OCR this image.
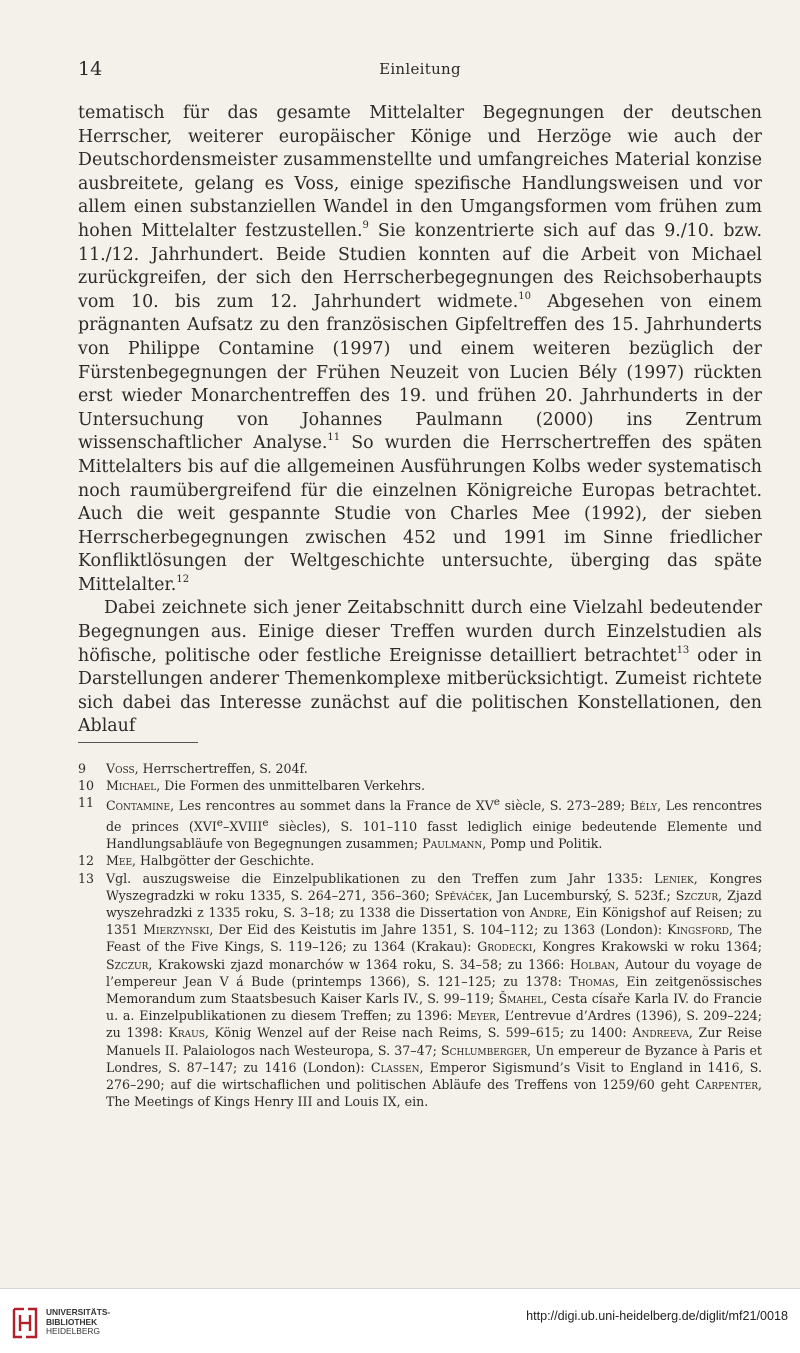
14	Einleitung

tematisch für das gesamte Mittelalter Begegnungen der deutschen Herrscher, weiterer europäischer Könige und Herzöge wie auch der Deutschordensmeister zusammenstellte und umfangreiches Material konzise ausbreitete, gelang es Voss, einige spezifische Handlungsweisen und vor allem einen substanziellen Wandel in den Umgangsformen vom frühen zum hohen Mittelalter festzustellen.$^9$ Sie konzentrierte sich auf das 9./10. bzw. 11./12. Jahrhundert. Beide Studien konnten auf die Arbeit von Michael zurückgreifen, der sich den Herrscherbegegnungen des Reichsoberhaupts vom 10. bis zum 12. Jahrhundert widmete.$^{10}$ Abgesehen von einem prägnanten Aufsatz zu den französischen Gipfeltreffen des 15. Jahrhunderts von Philippe Contamine (1997) und einem weiteren bezüglich der Fürstenbegegnungen der Frühen Neuzeit von Lucien Bély (1997) rückten erst wieder Monarchentreffen des 19. und frühen 20. Jahrhunderts in der Untersuchung von Johannes Paulmann (2000) ins Zentrum wissenschaftlicher Analyse.$^{11}$ So wurden die Herrschertreffen des späten Mittelalters bis auf die allgemeinen Ausführungen Kolbs weder systematisch noch raumübergreifend für die einzelnen Königreiche Europas betrachtet. Auch die weit gespannte Studie von Charles Mee (1992), der sieben Herrscherbegegnungen zwischen 452 und 1991 im Sinne friedlicher Konfliktlösungen der Weltgeschichte untersuchte, überging das späte Mittelalter.$^{12}$

Dabei zeichnete sich jener Zeitabschnitt durch eine Vielzahl bedeutender Begegnungen aus. Einige dieser Treffen wurden durch Einzelstudien als höfische, politische oder festliche Ereignisse detailliert betrachtet$^{13}$ oder in Darstellungen anderer Themenkomplexe mitberücksichtigt. Zumeist richtete sich dabei das Interesse zunächst auf die politischen Konstellationen, den Ablauf

9 Voss, Herrschertreffen, S. 204f.
10 Michael, Die Formen des unmittelbaren Verkehrs.
11 Contamine, Les rencontres au sommet dans la France de XVe siècle, S. 273–289; Bély, Les rencontres de princes (XVIe–XVIIIe siècles), S. 101–110 fasst lediglich einige bedeutende Elemente und Handlungsabläufe von Begegnungen zusammen; Paulmann, Pomp und Politik.
12 Mee, Halbgötter der Geschichte.
13 Vgl. auszugsweise die Einzelpublikationen zu den Treffen zum Jahr 1335: Leniek, Kongres Wyszegradzki w roku 1335, S. 264–271, 356–360; Spěváček, Jan Lucemburský, S. 523f.; Szczur, Zjazd wyszehradzki z 1335 roku, S. 3–18; zu 1338 die Dissertation von Andre, Ein Königshof auf Reisen; zu 1351 Mierzynski, Der Eid des Keistutis im Jahre 1351, S. 104–112; zu 1363 (London): Kingsford, The Feast of the Five Kings, S. 119–126; zu 1364 (Krakau): Grodecki, Kongres Krakowski w roku 1364; Szczur, Krakowski zjazd monarchów w 1364 roku, S. 34–58; zu 1366: Holban, Autour du voyage de l’empereur Jean V á Bude (printemps 1366), S. 121–125; zu 1378: Thomas, Ein zeitgenössisches Memorandum zum Staatsbesuch Kaiser Karls IV., S. 99–119; Šmahel, Cesta císaře Karla IV. do Francie u. a. Einzelpublikationen zu diesem Treffen; zu 1396: Meyer, L’entrevue d’Ardres (1396), S. 209–224; zu 1398: Kraus, König Wenzel auf der Reise nach Reims, S. 599–615; zu 1400: Andreeva, Zur Reise Manuels II. Palaiologos nach Westeuropa, S. 37–47; Schlumberger, Un empereur de Byzance à Paris et Londres, S. 87–147; zu 1416 (London): Classen, Emperor Sigismund’s Visit to England in 1416, S. 276–290; auf die wirtschaflichen und politischen Abläufe des Treffens von 1259/60 geht Carpenter, The Meetings of Kings Henry III and Louis IX, ein.
UNIVERSITÄTS-
BIBLIOTHEK
HEIDELBERG
http://digi.ub.uni-heidelberg.de/diglit/mf21/0018
